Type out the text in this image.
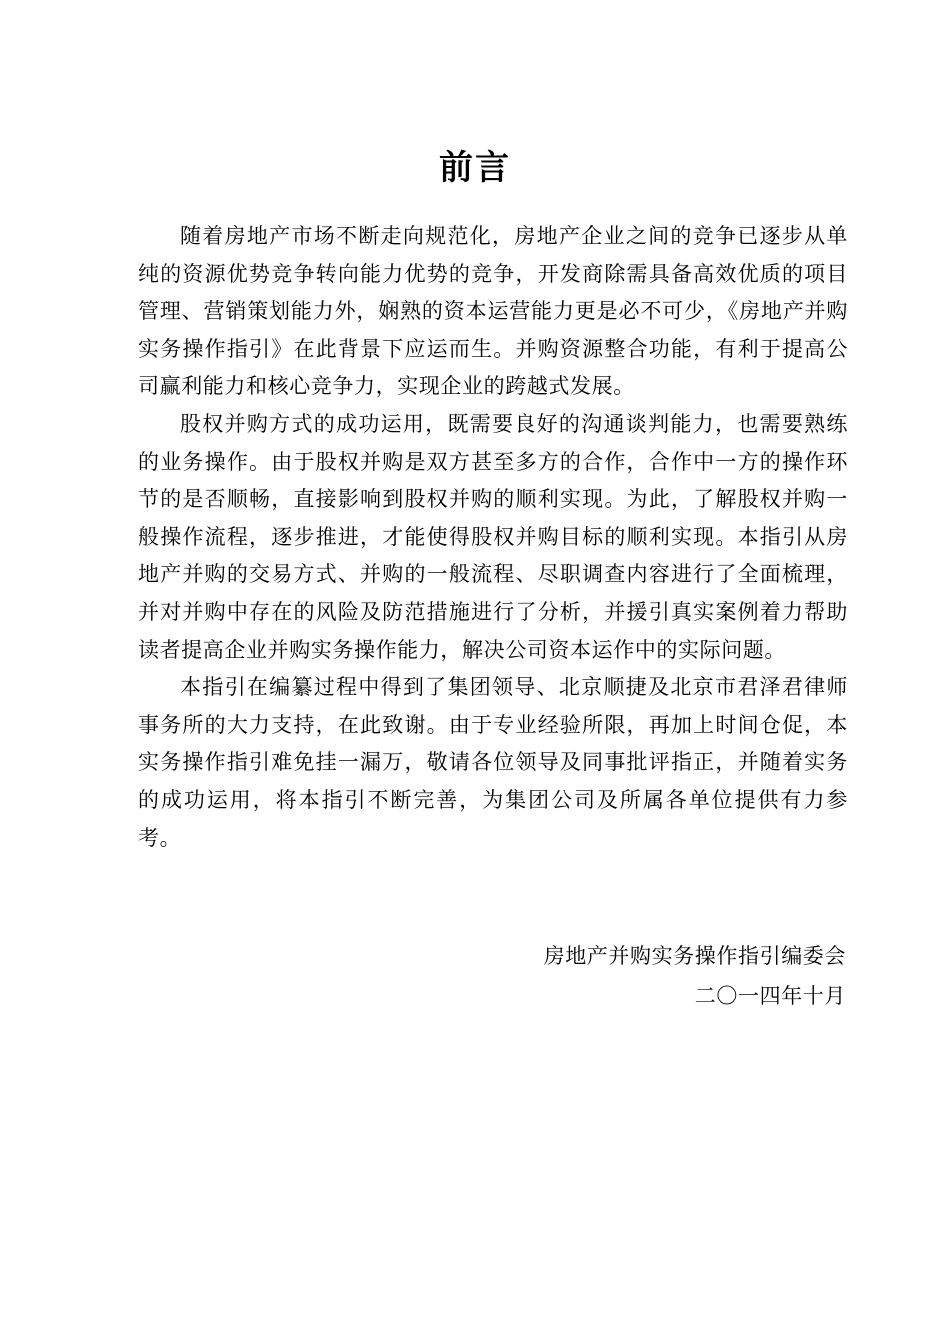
前言

随着房地产市场不断走向规范化，房地产企业之间的竞争已逐步从单纯的资源优势竞争转向能力优势的竞争，开发商除需具备高效优质的项目管理、营销策划能力外，娴熟的资本运营能力更是必不可少，《房地产并购实务操作指引》在此背景下应运而生。并购资源整合功能，有利于提高公司赢利能力和核心竞争力，实现企业的跨越式发展。

股权并购方式的成功运用，既需要良好的沟通谈判能力，也需要熟练的业务操作。由于股权并购是双方甚至多方的合作，合作中一方的操作环节的是否顺畅，直接影响到股权并购的顺利实现。为此，了解股权并购一般操作流程，逐步推进，才能使得股权并购目标的顺利实现。本指引从房地产并购的交易方式、并购的一般流程、尽职调查内容进行了全面梳理，并对并购中存在的风险及防范措施进行了分析，并援引真实案例着力帮助读者提高企业并购实务操作能力，解决公司资本运作中的实际问题。

本指引在编纂过程中得到了集团领导、北京顺捷及北京市君泽君律师事务所的大力支持，在此致谢。由于专业经验所限，再加上时间仓促，本实务操作指引难免挂一漏万，敬请各位领导及同事批评指正，并随着实务的成功运用，将本指引不断完善，为集团公司及所属各单位提供有力参考。

房地产并购实务操作指引编委会
二〇一四年十月
